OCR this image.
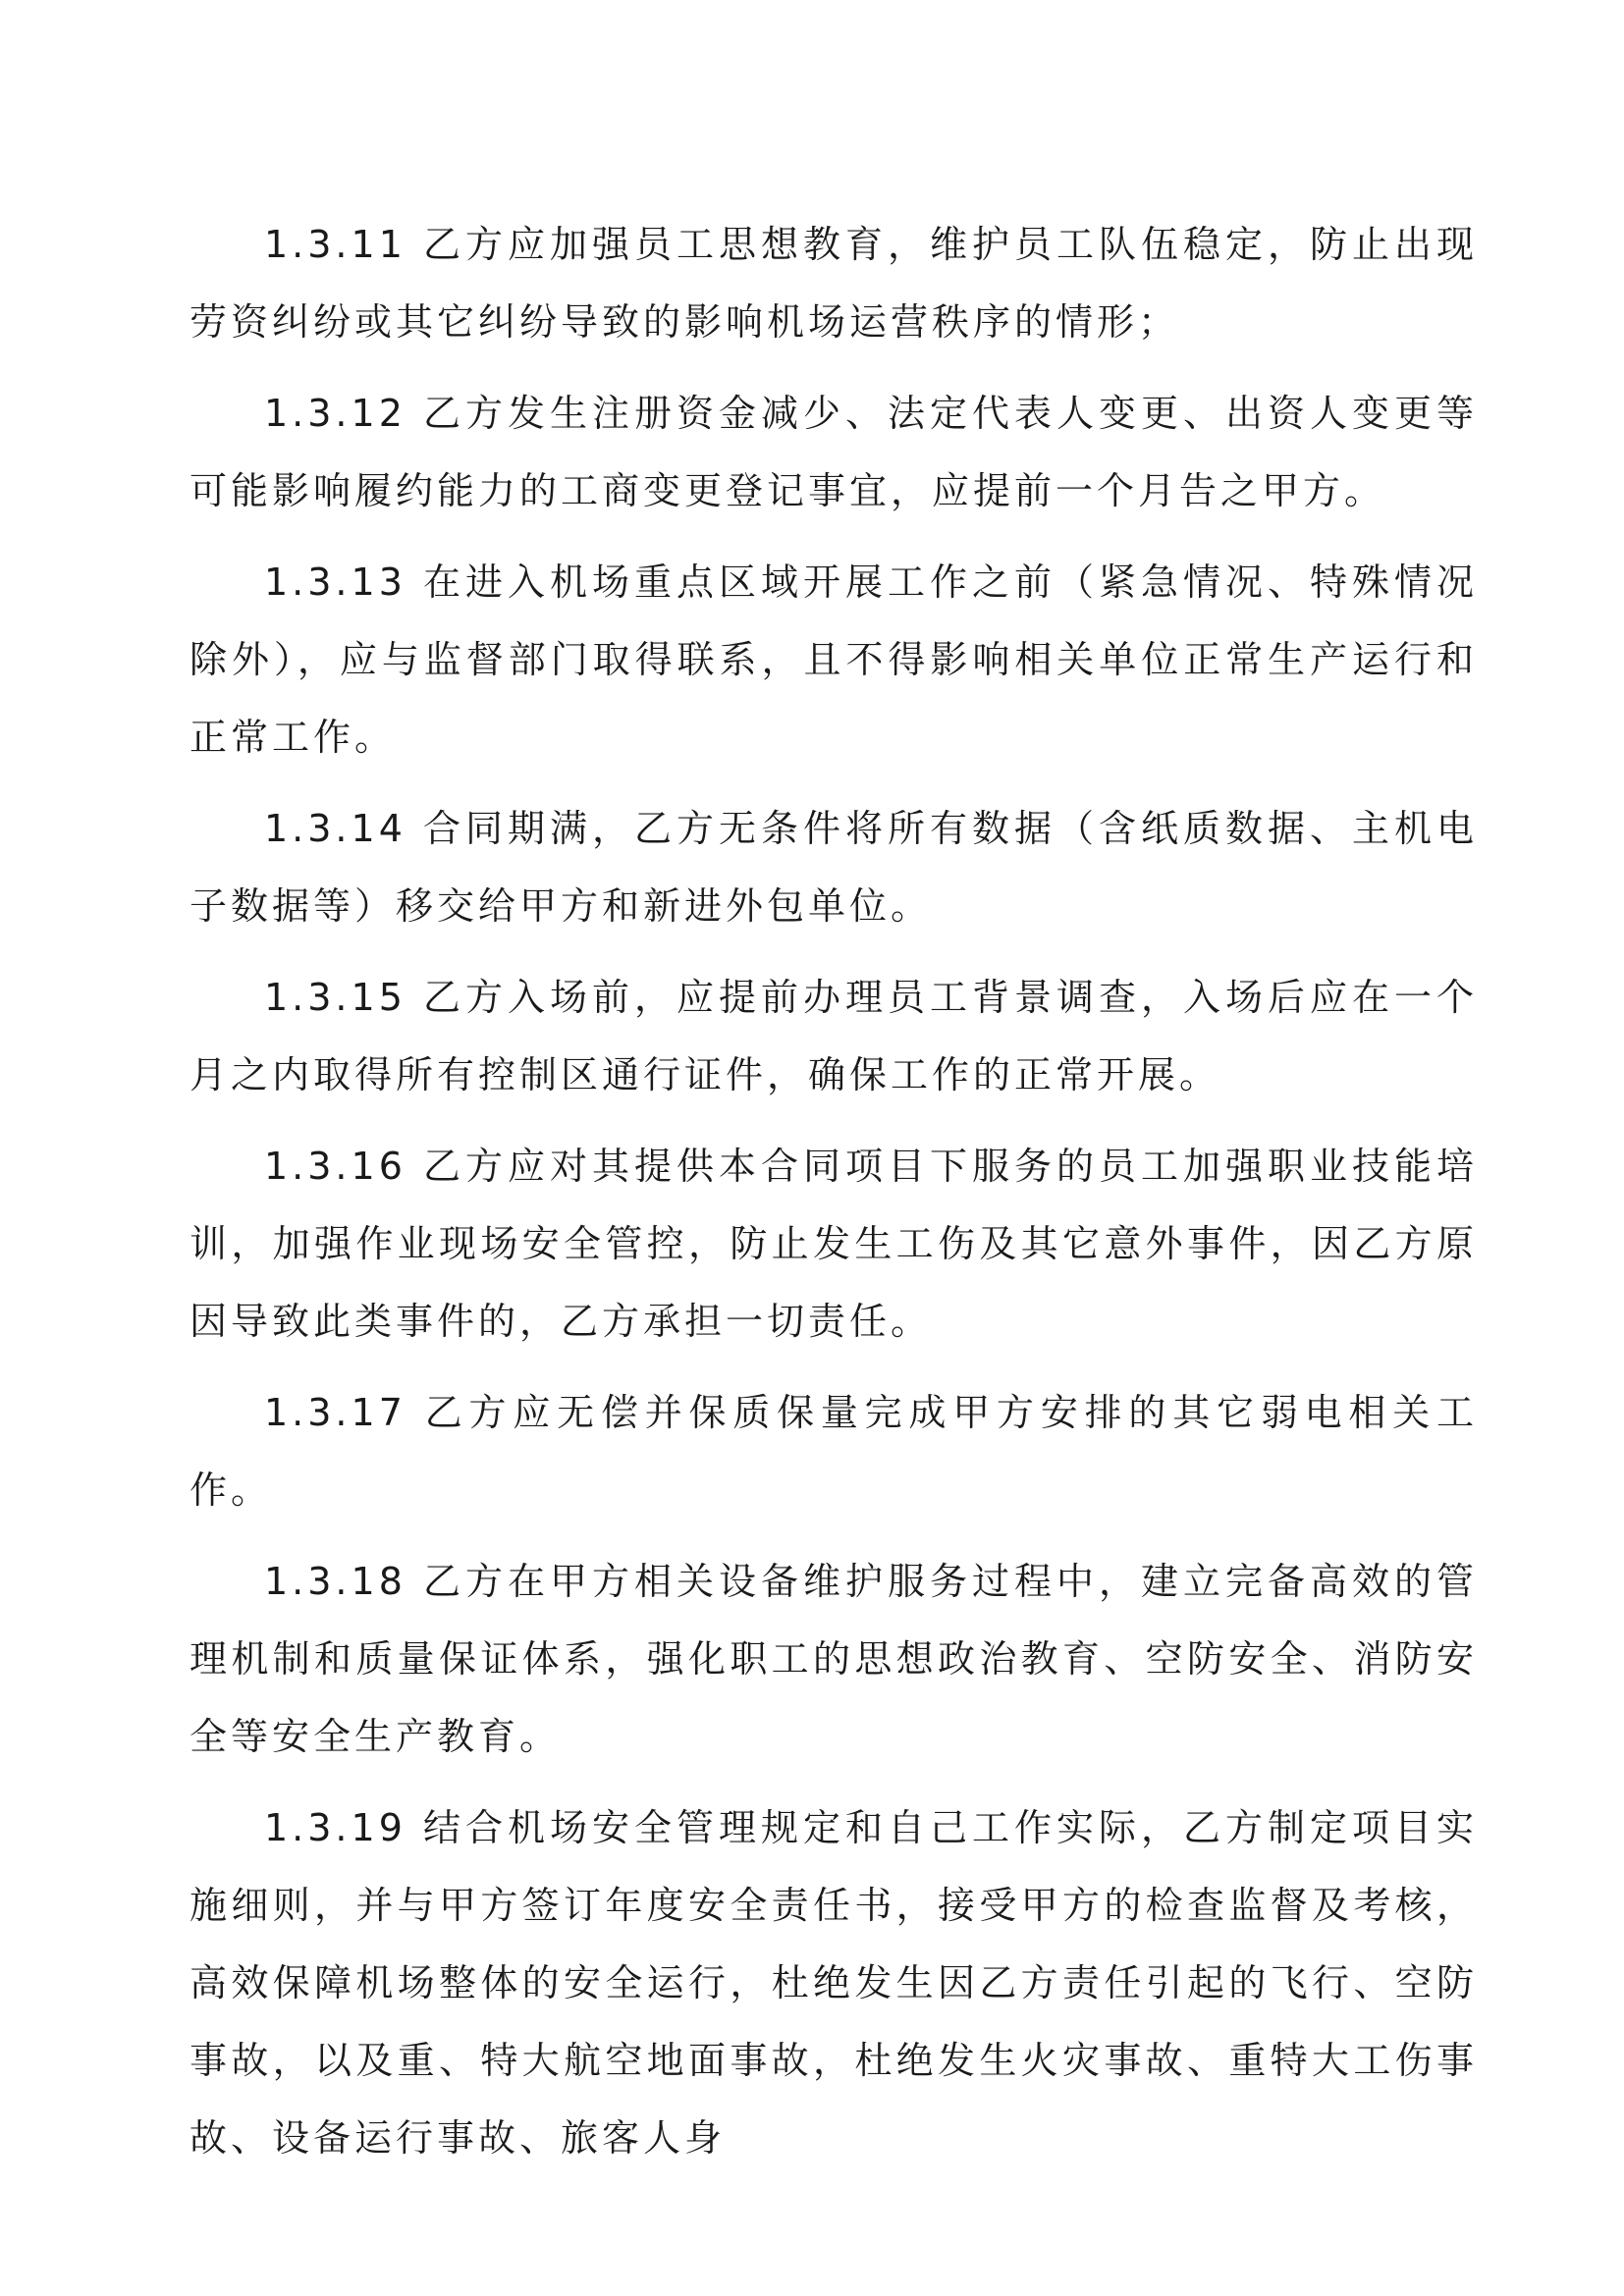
1.3.11 乙方应加强员工思想教育，维护员工队伍稳定，防止出现劳资纠纷或其它纠纷导致的影响机场运营秩序的情形；

1.3.12 乙方发生注册资金减少、法定代表人变更、出资人变更等可能影响履约能力的工商变更登记事宜，应提前一个月告之甲方。

1.3.13 在进入机场重点区域开展工作之前（紧急情况、特殊情况除外），应与监督部门取得联系，且不得影响相关单位正常生产运行和正常工作。

1.3.14 合同期满，乙方无条件将所有数据（含纸质数据、主机电子数据等）移交给甲方和新进外包单位。

1.3.15 乙方入场前，应提前办理员工背景调查，入场后应在一个月之内取得所有控制区通行证件，确保工作的正常开展。

1.3.16 乙方应对其提供本合同项目下服务的员工加强职业技能培训，加强作业现场安全管控，防止发生工伤及其它意外事件，因乙方原因导致此类事件的，乙方承担一切责任。

1.3.17 乙方应无偿并保质保量完成甲方安排的其它弱电相关工作。

1.3.18 乙方在甲方相关设备维护服务过程中，建立完备高效的管理机制和质量保证体系，强化职工的思想政治教育、空防安全、消防安全等安全生产教育。

1.3.19 结合机场安全管理规定和自己工作实际，乙方制定项目实施细则，并与甲方签订年度安全责任书，接受甲方的检查监督及考核，高效保障机场整体的安全运行，杜绝发生因乙方责任引起的飞行、空防事故，以及重、特大航空地面事故，杜绝发生火灾事故、重特大工伤事故、设备运行事故、旅客人身
